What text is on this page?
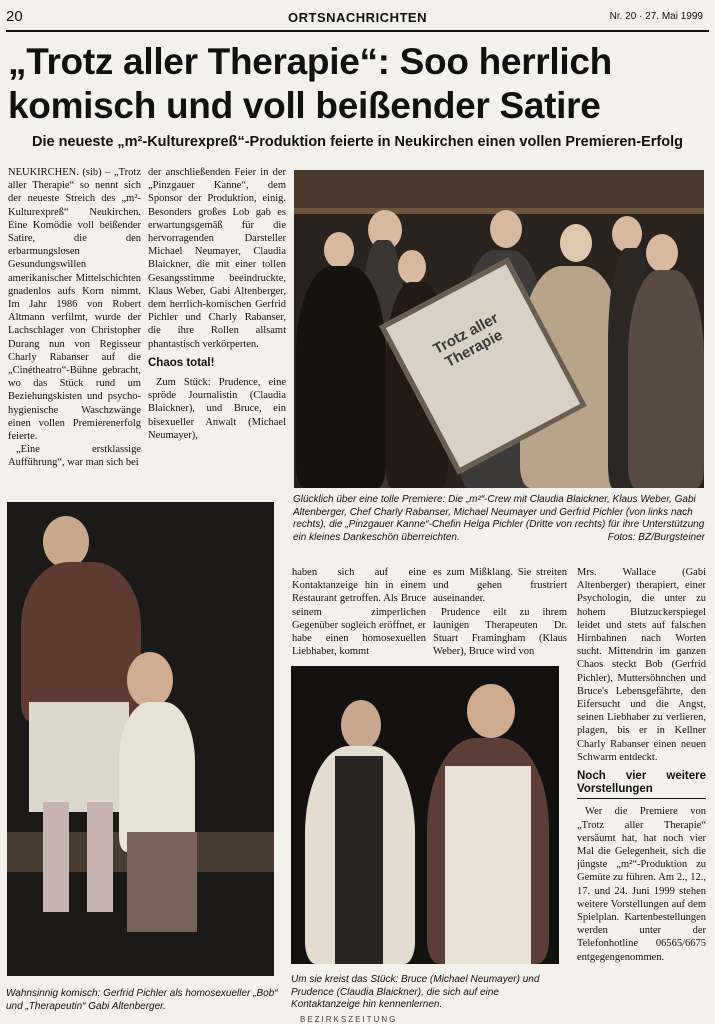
20	ORTSNACHRICHTEN	Nr. 20 · 27. Mai 1999
„Trotz aller Therapie“: Soo herrlich
komisch und voll beißender Satire
Die neueste „m²-Kulturexpreß“-Produktion feierte in Neukirchen einen vollen Premieren-Erfolg

NEUKIRCHEN. (sib) – „Trotz aller Therapie“ so nennt sich der neueste Streich des „m²-Kulturexpreß“ Neukirchen. Eine Komödie voll beißender Satire, die den erbarmungslosen Gesundungswillen amerikanischer Mittelschichten gnadenlos aufs Korn nimmt. Im Jahr 1986 von Robert Altmann verfilmt, wurde der Lachschlager von Christopher Durang nun von Regisseur Charly Rabanser auf die „Cinétheatro“-Bühne gebracht, wo das Stück rund um Beziehungskisten und psycho-hygienische Waschzwänge einen vollen Premierenerfolg feierte.

„Eine erstklassige Aufführung“, war man sich bei

der anschließenden Feier in der „Pinzgauer Kanne“, dem Sponsor der Produktion, einig. Besonders großes Lob gab es erwartungsgemäß für die hervorragenden Darsteller Michael Neumayer, Claudia Blaickner, die mit einer tollen Gesangsstimme beeindruckte, Klaus Weber, Gabi Altenberger, dem herrlich-komischen Gerfrid Pichler und Charly Rabanser, die ihre Rollen allsamt phantastisch verkörperten.

Chaos total!

Zum Stück: Prudence, eine spröde Journalistin (Claudia Blaickner), und Bruce, ein bisexueller Anwalt (Michael Neumayer),

Trotz aller Therapie
Glücklich über eine tolle Premiere: Die „m²“-Crew mit Claudia Blaickner, Klaus Weber, Gabi Altenberger, Chef Charly Rabanser, Michael Neumayer und Gerfrid Pichler (von links nach rechts), die „Pinzgauer Kanne“-Chefin Helga Pichler (Dritte von rechts) für ihre Unterstützung ein kleines Dankeschön überreichten.	Fotos: BZ/Burgsteiner
Wahnsinnig komisch: Gerfrid Pichler als homosexueller „Bob“ und „Therapeutin“ Gabi Altenberger.

haben sich auf eine Kontaktanzeige hin in einem Restaurant getroffen. Als Bruce seinem zimperlichen Gegenüber sogleich eröffnet, er habe einen homosexuellen Liebhaber, kommt

es zum Mißklang. Sie streiten und gehen frustriert auseinander.

Prudence eilt zu ihrem launigen Therapeuten Dr. Stuart Framingham (Klaus Weber), Bruce wird von

Um sie kreist das Stück: Bruce (Michael Neumayer) und Prudence (Claudia Blaickner), die sich auf eine Kontaktanzeige hin kennenlernen.

Mrs. Wallace (Gabi Altenberger) therapiert, einer Psychologin, die unter zu hohem Blutzuckerspiegel leidet und stets auf falschen Hirnbahnen nach Worten sucht. Mittendrin im ganzen Chaos steckt Bob (Gerfrid Pichler), Muttersöhnchen und Bruce's Lebensgefährte, den Eifersucht und die Angst, seinen Liebhaber zu verlieren, plagen, bis er in Kellner Charly Rabanser einen neuen Schwarm entdeckt.

Noch vier weitere Vorstellungen

Wer die Premiere von „Trotz aller Therapie“ versäumt hat, hat noch vier Mal die Gelegenheit, sich die jüngste „m²“-Produktion zu Gemüte zu führen. Am 2., 12., 17. und 24. Juni 1999 stehen weitere Vorstellungen auf dem Spielplan. Kartenbestellungen werden unter der Telefonhotline 06565/6675 entgegengenommen.

BEZIRKSZEITUNG
